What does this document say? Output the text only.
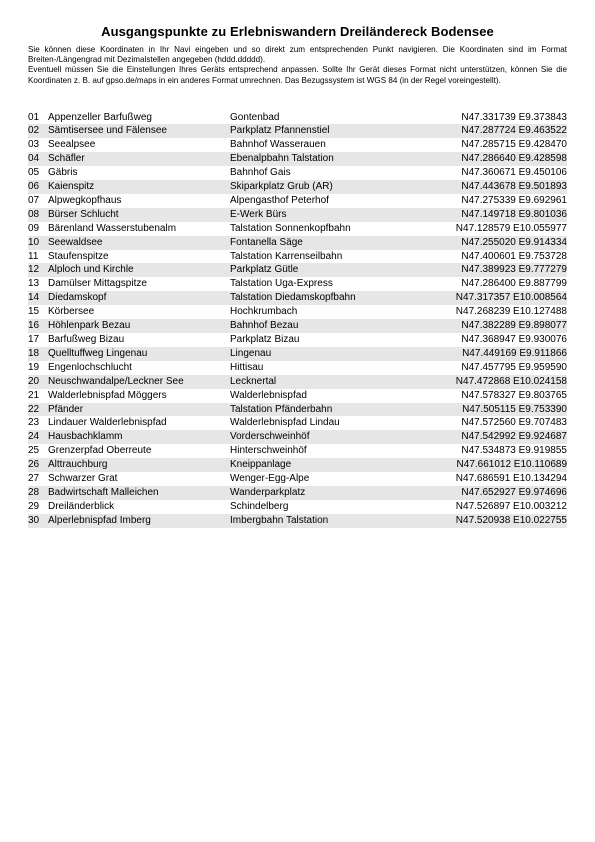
Ausgangspunkte zu Erlebniswandern Dreiländereck Bodensee

Sie können diese Koordinaten in Ihr Navi eingeben und so direkt zum entsprechenden Punkt navigieren. Die Koordinaten sind im Format Breiten-/Längengrad mit Dezimalstellen angegeben (hddd.ddddd).

Eventuell müssen Sie die Einstellungen Ihres Geräts entsprechend anpassen. Sollte Ihr Gerät dieses Format nicht unterstützen, können Sie die Koordinaten z. B. auf gpso.de/maps in ein anderes Format umrechnen. Das Bezugssystem ist WGS 84 (in der Regel voreingestellt).

01	Appenzeller Barfußweg	Gontenbad	N47.331739 E9.373843
02	Sämtisersee und Fälensee	Parkplatz Pfannenstiel	N47.287724 E9.463522
03	Seealpsee	Bahnhof Wasserauen	N47.285715 E9.428470
04	Schäfler	Ebenalpbahn Talstation	N47.286640 E9.428598
05	Gäbris	Bahnhof Gais	N47.360671 E9.450106
06	Kaienspitz	Skiparkplatz Grub (AR)	N47.443678 E9.501893
07	Alpwegkopfhaus	Alpengasthof Peterhof	N47.275339 E9.692961
08	Bürser Schlucht	E-Werk Bürs	N47.149718 E9.801036
09	Bärenland Wasserstubenalm	Talstation Sonnenkopfbahn	N47.128579 E10.055977
10	Seewaldsee	Fontanella Säge	N47.255020 E9.914334
11	Staufenspitze	Talstation Karrenseilbahn	N47.400601 E9.753728
12	Alploch und Kirchle	Parkplatz Gütle	N47.389923 E9.777279
13	Damülser Mittagspitze	Talstation Uga-Express	N47.286400 E9.887799
14	Diedamskopf	Talstation Diedamskopfbahn	N47.317357 E10.008564
15	Körbersee	Hochkrumbach	N47.268239 E10.127488
16	Höhlenpark Bezau	Bahnhof Bezau	N47.382289 E9.898077
17	Barfußweg Bizau	Parkplatz Bizau	N47.368947 E9.930076
18	Quelltuffweg Lingenau	Lingenau	N47.449169 E9.911866
19	Engenlochschlucht	Hittisau	N47.457795 E9.959590
20	Neuschwandalpe/Leckner See	Lecknertal	N47.472868 E10.024158
21	Walderlebnispfad Möggers	Walderlebnispfad	N47.578327 E9.803765
22	Pfänder	Talstation Pfänderbahn	N47.505115 E9.753390
23	Lindauer Walderlebnispfad	Walderlebnispfad Lindau	N47.572560 E9.707483
24	Hausbachklamm	Vorderschweinhöf	N47.542992 E9.924687
25	Grenzerpfad Oberreute	Hinterschweinhöf	N47.534873 E9.919855
26	Alttrauchburg	Kneippanlage	N47.661012 E10.110689
27	Schwarzer Grat	Wenger-Egg-Alpe	N47.686591 E10.134294
28	Badwirtschaft Malleichen	Wanderparkplatz	N47.652927 E9.974696
29	Dreiländerblick	Schindelberg	N47.526897 E10.003212
30	Alperlebnispfad Imberg	Imbergbahn Talstation	N47.520938 E10.022755
